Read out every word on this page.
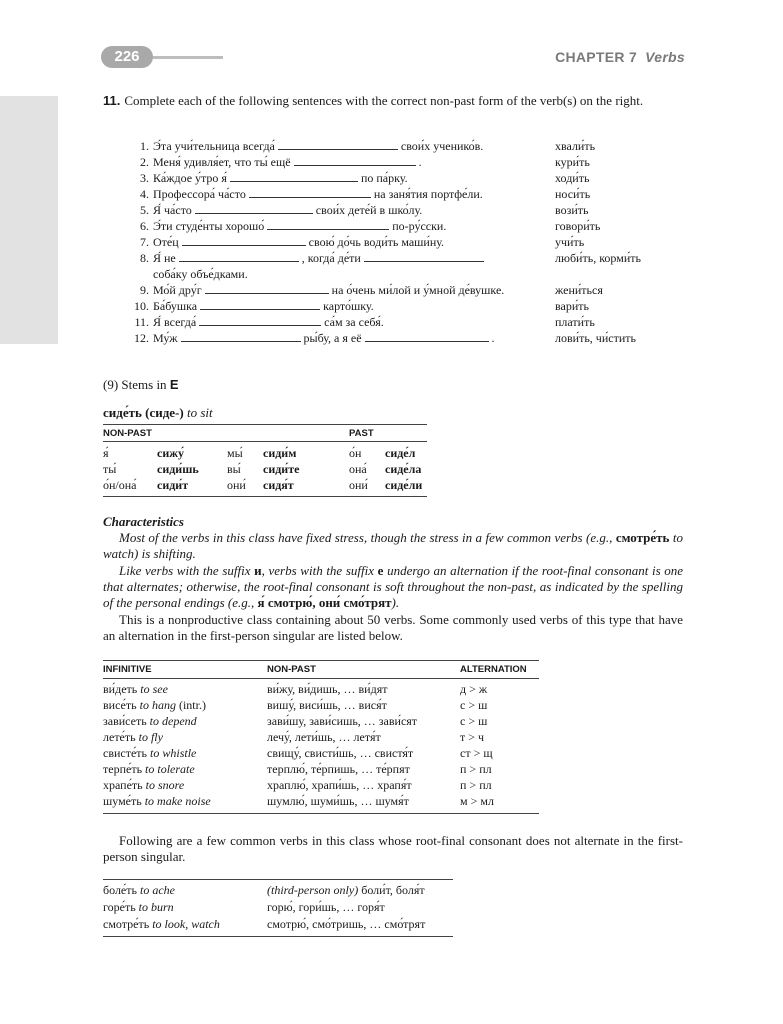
226	CHAPTER 7 Verbs
11. Complete each of the following sentences with the correct non-past form of the verb(s) on the right.
1. Э́та учи́тельница всегда́	свои́х ученико́в.	хвали́ть
2. Меня́ удивля́ет, что ты́ ещё	.	кури́ть
3. Ка́ждое у́тро я́	по па́рку.	ходи́ть
4. Профессора́ ча́сто	на заня́тия портфе́ли.	носи́ть
5. Я́ ча́сто	свои́х дете́й в шко́лу.	вози́ть
6. Э́ти студе́нты хорошо́	по-ру́сски.	говори́ть
7. Оте́ц	свою́ до́чь води́ть маши́ну.	учи́ть
8. Я́ не	, когда́ де́ти	люби́ть, корми́ть
соба́ку объе́дками.
9. Мо́й дру́г	на о́чень ми́лой и у́мной де́вушке.	жени́ться
10. Ба́бушка	карто́шку.	вари́ть
11. Я́ всегда́	са́м за себя́.	плати́ть
12. Му́ж	ры́бу, а я её	.	лови́ть, чи́стить
(9) Stems in Е
сиде́ть (сиде-) to sit
NON-PAST	PAST
я́	сижу́	мы́ сиди́м	о́н сиде́л
ты́	сиди́шь вы́ сиди́те	она́ сиде́ла
о́н/она́ сиди́т	они́ сидя́т	они́ сиде́ли
Characteristics
Most of the verbs in this class have fixed stress, though the stress in a few common verbs (e.g., смотре́ть to watch) is shifting.
Like verbs with the suffix и, verbs with the suffix е undergo an alternation if the root-final consonant is one that alternates; otherwise, the root-final consonant is soft throughout the non-past, as indicated by the spelling of the personal endings (e.g., я́ смотрю́, они́ смо́трят).
This is a nonproductive class containing about 50 verbs. Some commonly used verbs of this type that have an alternation in the first-person singular are listed below.
INFINITIVE	NON-PAST	ALTERNATION
ви́деть to see	ви́жу, ви́дишь, … ви́дят	д > ж
висе́ть to hang (intr.)	вишу́, виси́шь, … вися́т	с > ш
зави́сеть to depend	зави́шу, зави́сишь, … зави́сят	с > ш
лете́ть to fly	лечу́, лети́шь, … летя́т	т > ч
свисте́ть to whistle	свищу́, свисти́шь, … свистя́т	ст > щ
терпе́ть to tolerate	терплю́, те́рпишь, … те́рпят	п > пл
храпе́ть to snore	храплю́, храпи́шь, … храпя́т	п > пл
шуме́ть to make noise	шумлю́, шуми́шь, … шумя́т	м > мл
Following are a few common verbs in this class whose root-final consonant does not alternate in the first-person singular.
боле́ть to ache	(third-person only) боли́т, боля́т
горе́ть to burn	горю́, гори́шь, … горя́т
смотре́ть to look, watch	смотрю́, смо́тришь, … смо́трят
